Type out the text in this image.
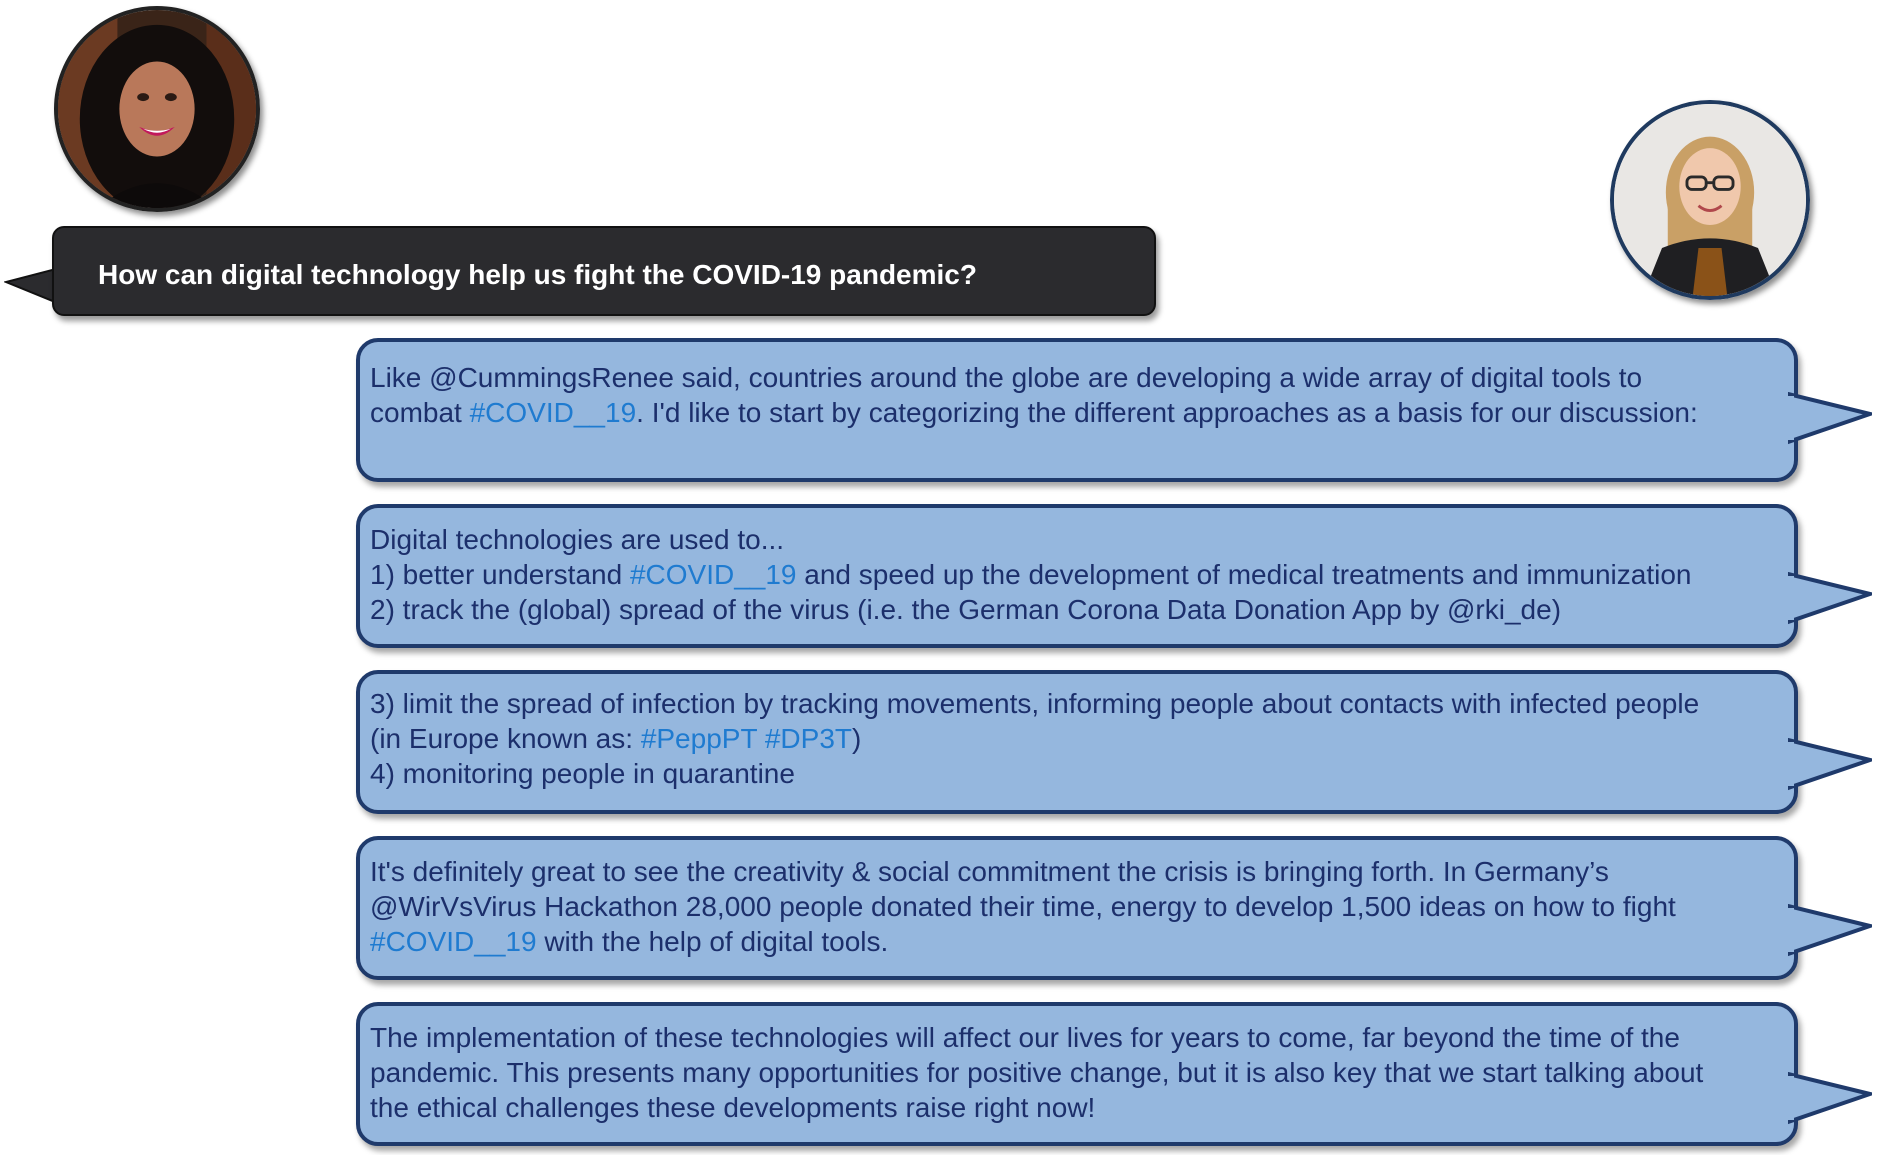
How can digital technology help us fight the COVID-19 pandemic?
Like @CummingsRenee said, countries around the globe are developing a wide array of digital tools to
combat #COVID__19. I'd like to start by categorizing the different approaches as a basis for our discussion:
Digital technologies are used to...
1) better understand #COVID__19 and speed up the development of medical treatments and immunization
2) track the (global) spread of the virus (i.e. the German Corona Data Donation App by @rki_de)
3) limit the spread of infection by tracking movements, informing people about contacts with infected people
(in Europe known as: #PeppPT #DP3T)
4) monitoring people in quarantine
It's definitely great to see the creativity & social commitment the crisis is bringing forth. In Germany’s
@WirVsVirus Hackathon 28,000 people donated their time, energy to develop 1,500 ideas on how to fight
#COVID__19 with the help of digital tools.
The implementation of these technologies will affect our lives for years to come, far beyond the time of the
pandemic. This presents many opportunities for positive change, but it is also key that we start talking about
the ethical challenges these developments raise right now!
